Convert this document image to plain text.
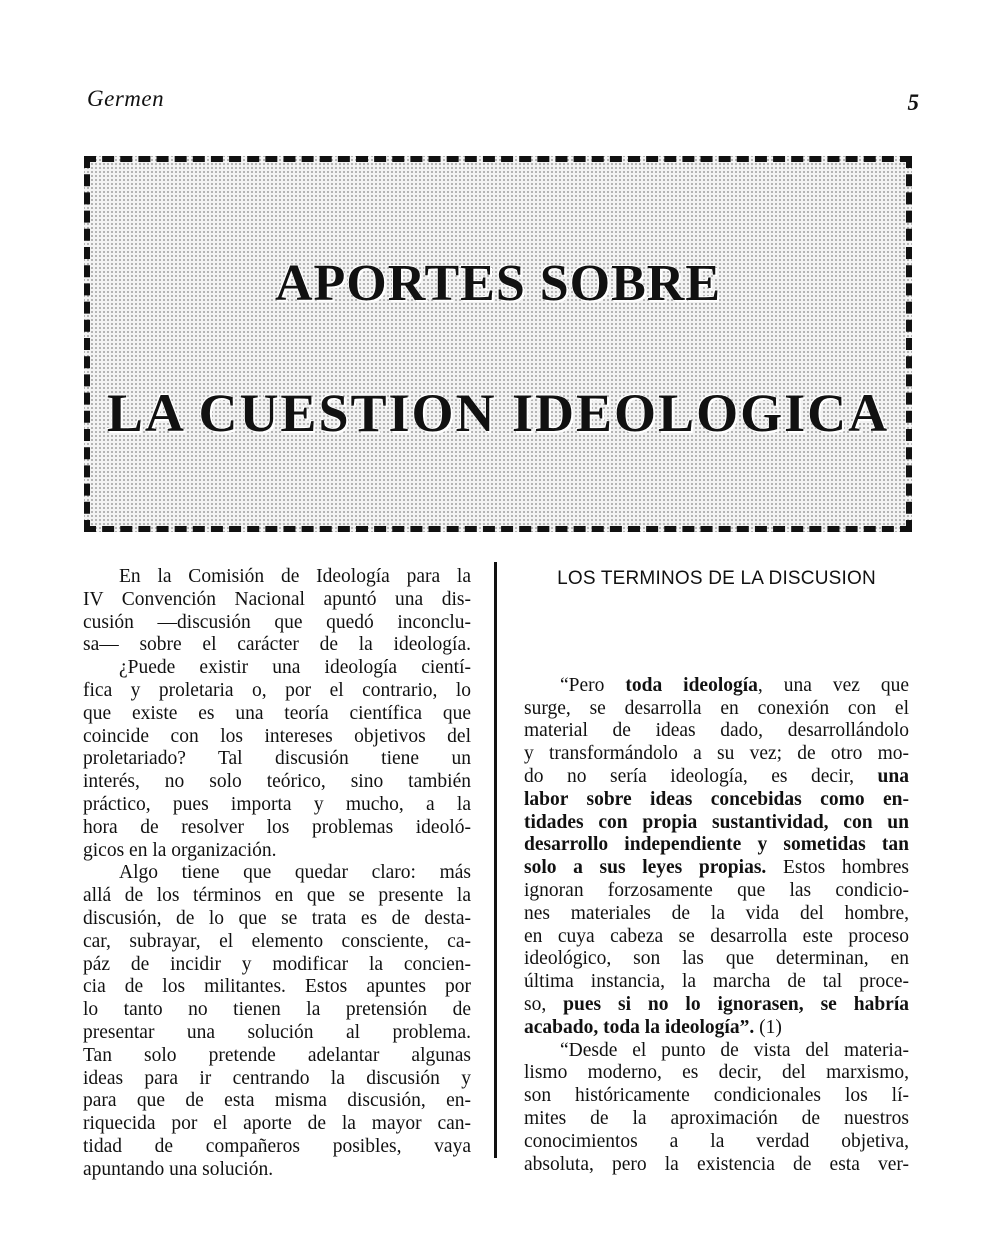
Germen	5
APORTES SOBRE
LA CUESTION IDEOLOGICA
En la Comisión de Ideología para la
IV Convención Nacional apuntó una dis-
cusión —discusión que quedó inconclu-
sa— sobre el carácter de la ideología.
¿Puede existir una ideología cientí-
fica y proletaria o, por el contrario, lo
que existe es una teoría científica que
coincide con los intereses objetivos del
proletariado? Tal discusión tiene un
interés, no solo teórico, sino también
práctico, pues importa y mucho, a la
hora de resolver los problemas ideoló-
gicos en la organización.
Algo tiene que quedar claro: más
allá de los términos en que se presente la
discusión, de lo que se trata es de desta-
car, subrayar, el elemento consciente, ca-
páz de incidir y modificar la concien-
cia de los militantes. Estos apuntes por
lo tanto no tienen la pretensión de
presentar una solución al problema.
Tan solo pretende adelantar algunas
ideas para ir centrando la discusión y
para que de esta misma discusión, en-
riquecida por el aporte de la mayor can-
tidad de compañeros posibles, vaya
apuntando una solución.
LOS TERMINOS DE LA DISCUSION
“Pero toda ideología, una vez que
surge, se desarrolla en conexión con el
material de ideas dado, desarrollándolo
y transformándolo a su vez; de otro mo-
do no sería ideología, es decir, una
labor sobre ideas concebidas como en-
tidades con propia sustantividad, con un
desarrollo independiente y sometidas tan
solo a sus leyes propias. Estos hombres
ignoran forzosamente que las condicio-
nes materiales de la vida del hombre,
en cuya cabeza se desarrolla este proceso
ideológico, son las que determinan, en
última instancia, la marcha de tal proce-
so, pues si no lo ignorasen, se habría
acabado, toda la ideología”. (1)
“Desde el punto de vista del materia-
lismo moderno, es decir, del marxismo,
son históricamente condicionales los lí-
mites de la aproximación de nuestros
conocimientos a la verdad objetiva,
absoluta, pero la existencia de esta ver-
